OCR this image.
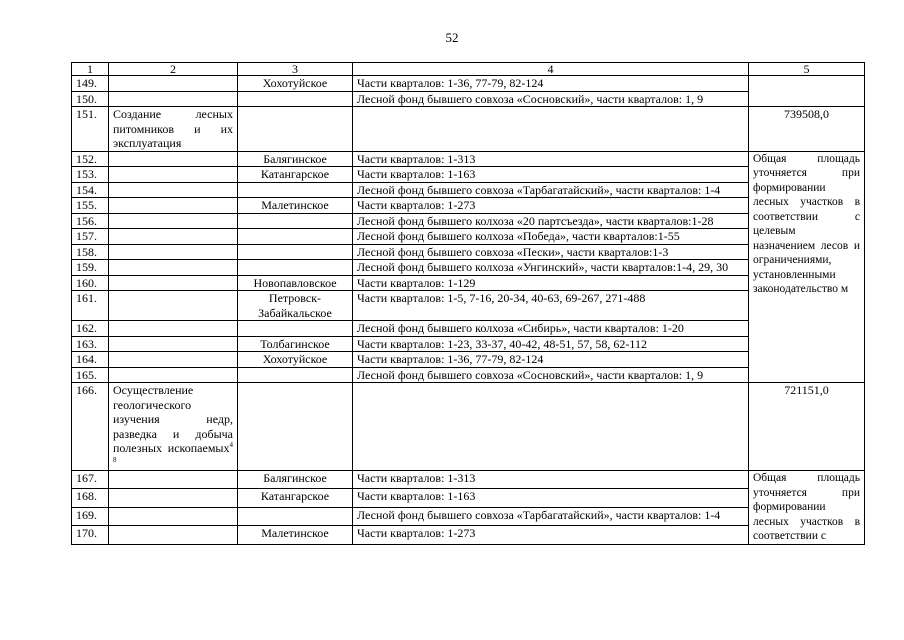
52
1	2	3	4	5
149.		Хохотуйское	Части кварталов: 1-36, 77-79, 82-124	
150.			Лесной фонд бывшего совхоза «Сосновский», части кварталов: 1, 9	
151.	Создание лесных питомников и их эксплуатация			739508,0
152.		Балягинское	Части кварталов: 1-313	Общая площадь уточняется при формировании лесных участков в соответствии с целевым назначением лесов и ограничениями, установленными законодательство м
153.		Катангарское	Части кварталов: 1-163	
154.			Лесной фонд бывшего совхоза «Тарбагатайский», части кварталов: 1-4	
155.		Малетинское	Части кварталов: 1-273	
156.			Лесной фонд бывшего колхоза «20 партсъезда», части кварталов:1-28	
157.			Лесной фонд бывшего колхоза «Победа», части кварталов:1-55	
158.			Лесной фонд бывшего совхоза «Пески», части кварталов:1-3	
159.			Лесной фонд бывшего колхоза «Унгинский», части кварталов:1-4, 29, 30	
160.		Новопавловское	Части кварталов: 1-129	
161.		Петровск-Забайкальское	Части кварталов: 1-5, 7-16, 20-34, 40-63, 69-267, 271-488	
162.			Лесной фонд бывшего колхоза «Сибирь», части кварталов: 1-20	
163.		Толбагинское	Части кварталов: 1-23, 33-37, 40-42, 48-51, 57, 58, 62-112	
164.		Хохотуйское	Части кварталов: 1-36, 77-79, 82-124	
165.			Лесной фонд бывшего совхоза «Сосновский», части кварталов: 1, 9	
166.	Осуществление геологического изучения недр, разведка и добыча полезных ископаемых$^{4 8}$			721151,0
167.		Балягинское	Части кварталов: 1-313	Общая площадь уточняется при формировании лесных участков в соответствии с
168.		Катангарское	Части кварталов: 1-163	
169.			Лесной фонд бывшего совхоза «Тарбагатайский», части кварталов: 1-4	
170.		Малетинское	Части кварталов: 1-273	
